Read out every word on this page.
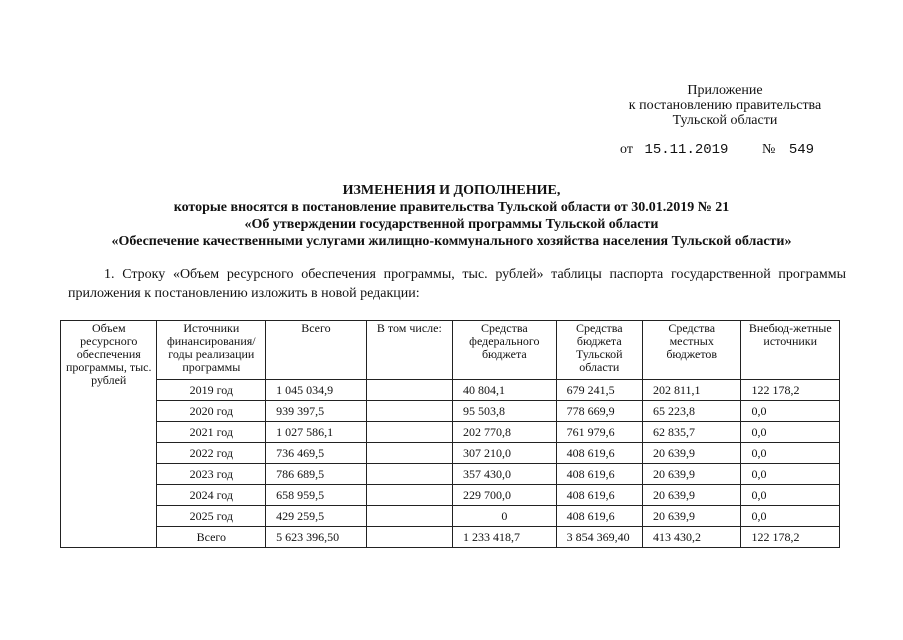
Приложение
к постановлению правительства
Тульской области
от 15.11.2019 № 549
ИЗМЕНЕНИЯ И ДОПОЛНЕНИЕ,
которые вносятся в постановление правительства Тульской области от 30.01.2019 № 21
«Об утверждении государственной программы Тульской области
«Обеспечение качественными услугами жилищно-коммунального хозяйства населения Тульской области»
1. Строку «Объем ресурсного обеспечения программы, тыс. рублей» таблицы паспорта государственной программы приложения к постановлению изложить в новой редакции:
Объем ресурсного обеспечения программы, тыс. рублей	Источники финансирования/ годы реализации программы	Всего	В том числе:	Средства федерального бюджета	Средства бюджета Тульской области	Средства местных бюджетов	Внебюд-жетные источники
	2019 год	1 045 034,9		40 804,1	679 241,5	202 811,1	122 178,2
	2020 год	939 397,5		95 503,8	778 669,9	65 223,8	0,0
	2021 год	1 027 586,1		202 770,8	761 979,6	62 835,7	0,0
	2022 год	736 469,5		307 210,0	408 619,6	20 639,9	0,0
	2023 год	786 689,5		357 430,0	408 619,6	20 639,9	0,0
	2024 год	658 959,5		229 700,0	408 619,6	20 639,9	0,0
	2025 год	429 259,5		0	408 619,6	20 639,9	0,0
	Всего	5 623 396,50		1 233 418,7	3 854 369,40	413 430,2	122 178,2
